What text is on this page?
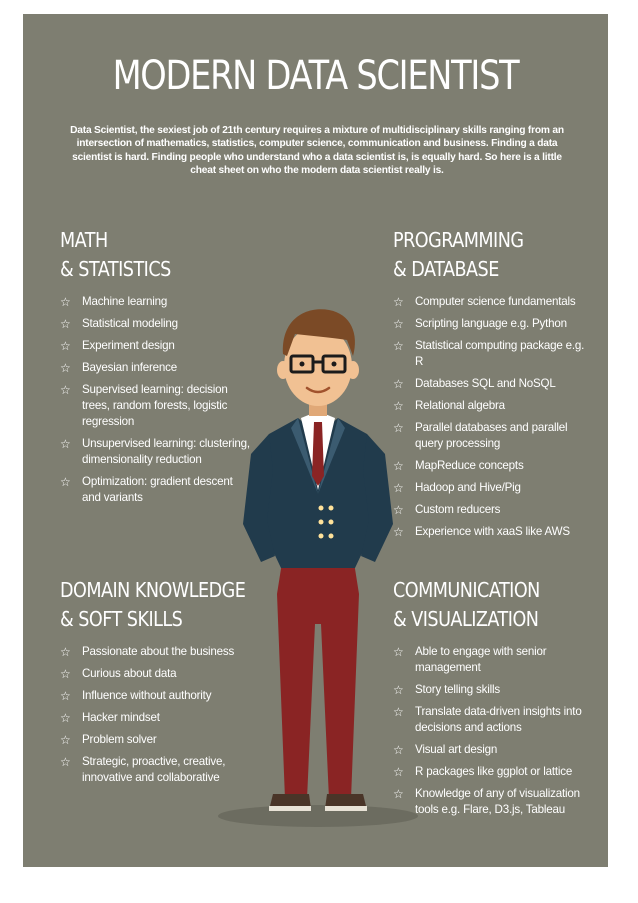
MODERN DATA SCIENTIST
Data Scientist, the sexiest job of 21th century requires a mixture of multidisciplinary skills ranging from an intersection of mathematics, statistics, computer science, communication and business. Finding a data scientist is hard. Finding people who understand who a data scientist is, is equally hard. So here is a little cheat sheet on who the modern data scientist really is.
MATH
& STATISTICS
☆ Machine learning
☆ Statistical modeling
☆ Experiment design
☆ Bayesian inference
☆ Supervised learning: decision trees, random forests, logistic regression
☆ Unsupervised learning: clustering, dimensionality reduction
☆ Optimization: gradient descent and variants
PROGRAMMING
& DATABASE
☆ Computer science fundamentals
☆ Scripting language e.g. Python
☆ Statistical computing package e.g. R
☆ Databases SQL and NoSQL
☆ Relational algebra
☆ Parallel databases and parallel query processing
☆ MapReduce concepts
☆ Hadoop and Hive/Pig
☆ Custom reducers
☆ Experience with xaaS like AWS
DOMAIN KNOWLEDGE
& SOFT SKILLS
☆ Passionate about the business
☆ Curious about data
☆ Influence without authority
☆ Hacker mindset
☆ Problem solver
☆ Strategic, proactive, creative, innovative and collaborative
COMMUNICATION
& VISUALIZATION
☆ Able to engage with senior management
☆ Story telling skills
☆ Translate data-driven insights into decisions and actions
☆ Visual art design
☆ R packages like ggplot or lattice
☆ Knowledge of any of visualization tools e.g. Flare, D3.js, Tableau
